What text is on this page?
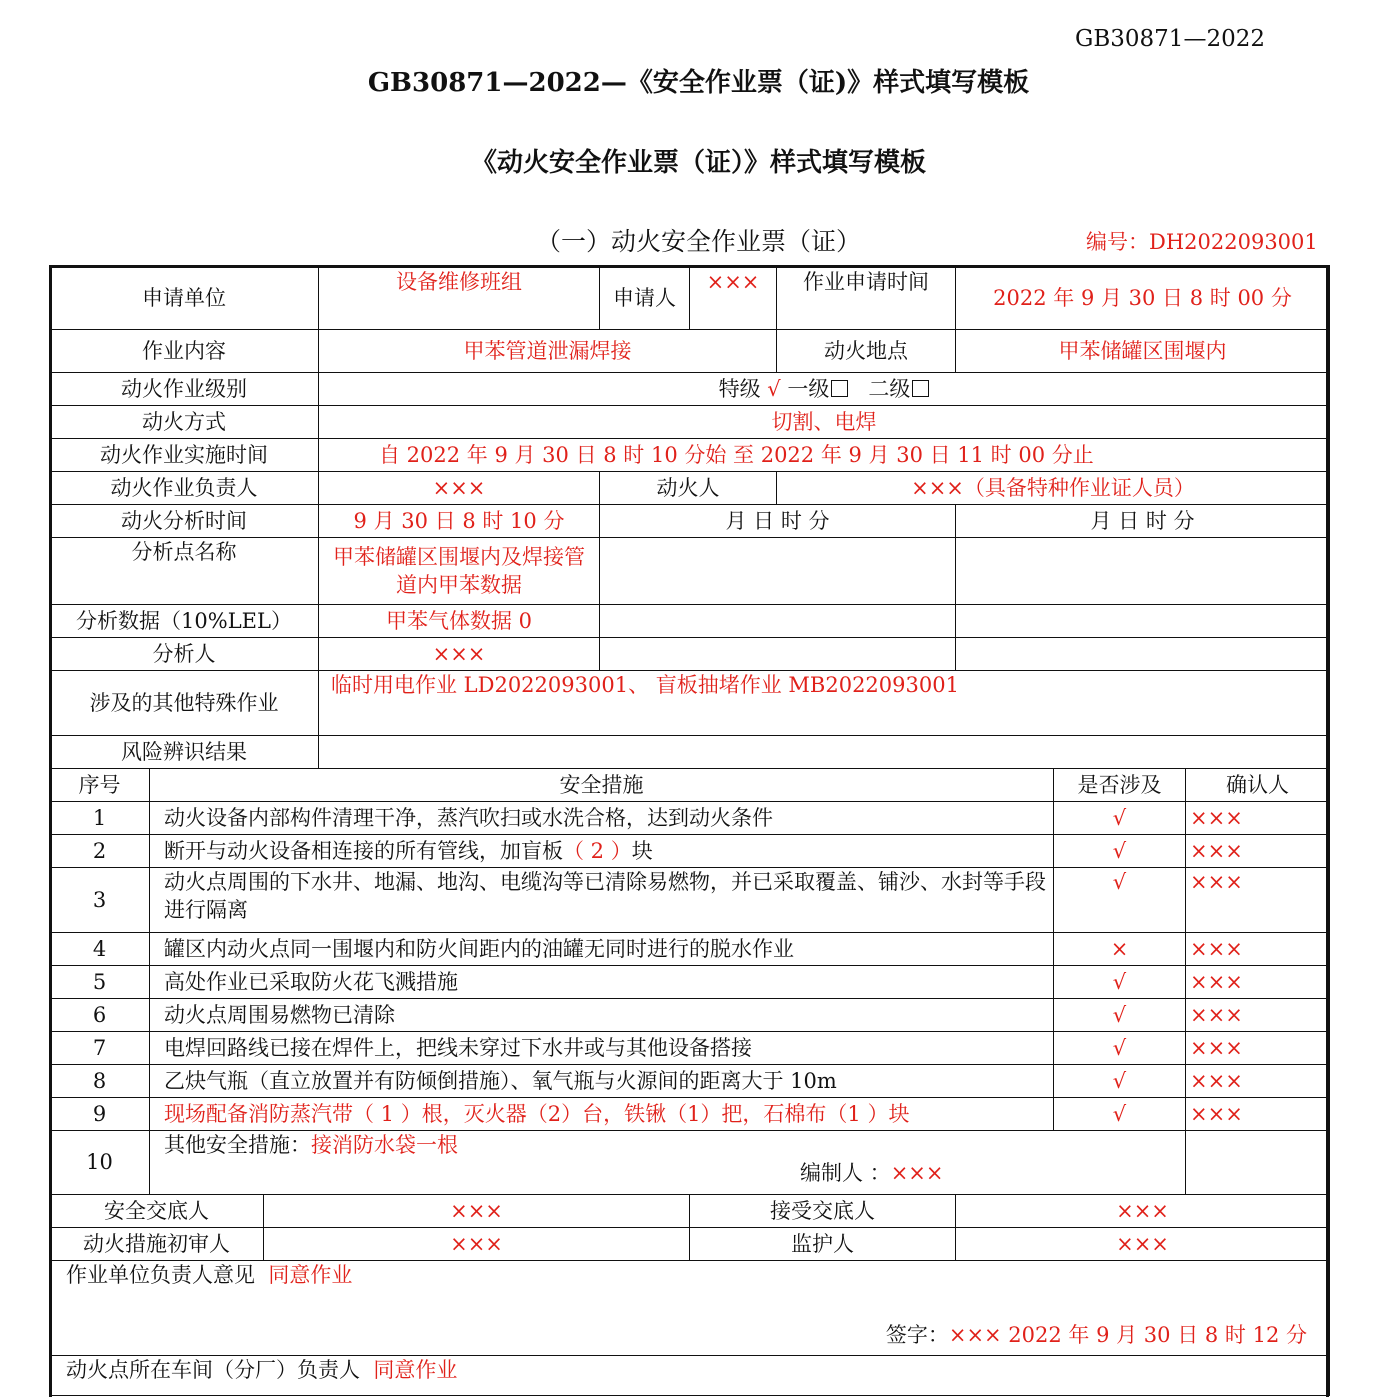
GB30871—2022
GB30871—2022—《安全作业票（证)》样式填写模板
《动火安全作业票（证）》样式填写模板
（一）动火安全作业票（证）	编号：DH2022093001
申请单位			设备维修班组	申请人	×××	作业申请时间	2022 年 9 月 30 日 8 时 00 分		
作业内容			甲苯管道泄漏焊接			动火地点	甲苯储罐区围堰内		
动火作业级别			特级 √ 一级 二级						
动火方式			切割、电焊						
动火作业实施时间			自 2022 年 9 月 30 日 8 时 10 分始 至 2022 年 9 月 30 日 11 时 00 分止						
动火作业负责人			×××	动火人		×××（具备特种作业证人员）			
动火分析时间			9 月 30 日 8 时 10 分	月 日 时 分			月 日 时 分		
分析点名称			甲苯储罐区围堰内及焊接管道内甲苯数据						
分析数据（10%LEL）			甲苯气体数据 0						
分析人			×××						
涉及的其他特殊作业			临时用电作业 LD2022093001、 盲板抽堵作业 MB2022093001						
风险辨识结果									
序号	安全措施							是否涉及	确认人
1	动火设备内部构件清理干净，蒸汽吹扫或水洗合格，达到动火条件							√	×××
2	断开与动火设备相连接的所有管线，加盲板（ 2 ）块							√	×××
3	动火点周围的下水井、地漏、地沟、电缆沟等已清除易燃物，并已采取覆盖、铺沙、水封等手段进行隔离							√	×××
4	罐区内动火点同一围堰内和防火间距内的油罐无同时进行的脱水作业							×	×××
5	高处作业已采取防火花飞溅措施							√	×××
6	动火点周围易燃物已清除							√	×××
7	电焊回路线已接在焊件上，把线未穿过下水井或与其他设备搭接							√	×××
8	乙炔气瓶（直立放置并有防倾倒措施）、氧气瓶与火源间的距离大于 10m							√	×××
9	现场配备消防蒸汽带（ 1 ）根，灭火器（2）台，铁锹（1）把，石棉布（1 ）块							√	×××
10	其他安全措施：接消防水袋一根
编制人 ：×××								

安全交底人		×××			接受交底人		×××		
动火措施初审人		×××			监护人		×××		

作业单位负责人意见 同意作业
签字：××× 2022 年 9 月 30 日 8 时 12 分									

动火点所在车间（分厂）负责人 同意作业									
